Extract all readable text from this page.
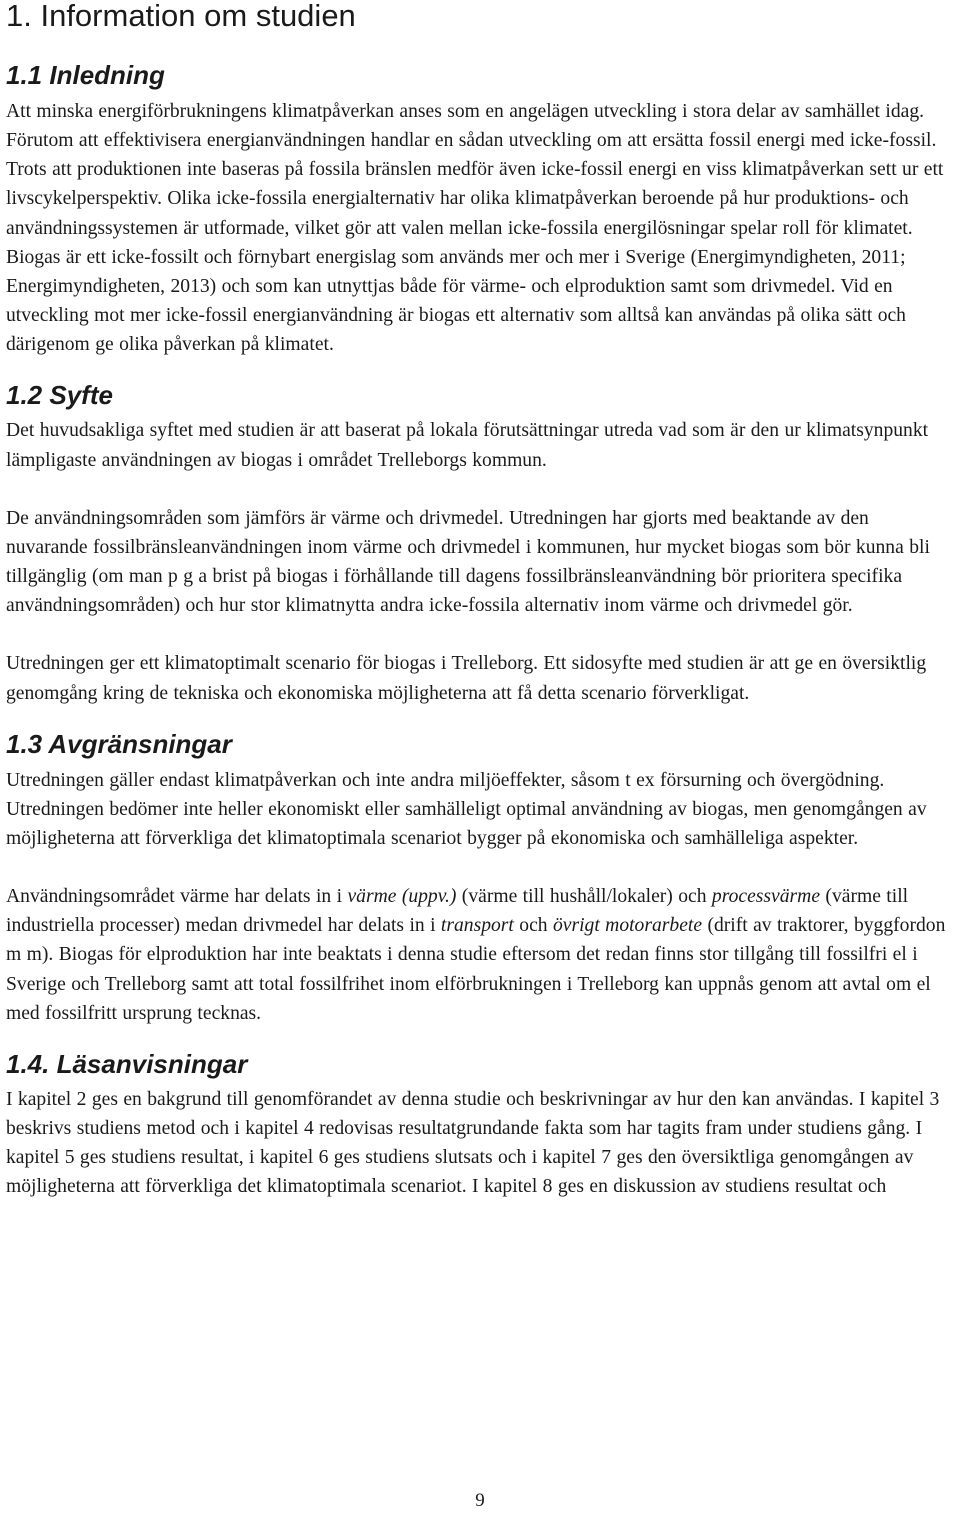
1. Information om studien
1.1 Inledning

Att minska energiförbrukningens klimatpåverkan anses som en angelägen utveckling i stora delar av samhället idag. Förutom att effektivisera energianvändningen handlar en sådan utveckling om att ersätta fossil energi med icke-fossil. Trots att produktionen inte baseras på fossila bränslen medför även icke-fossil energi en viss klimatpåverkan sett ur ett livscykelperspektiv. Olika icke-fossila energialternativ har olika klimatpåverkan beroende på hur produktions- och användningssystemen är utformade, vilket gör att valen mellan icke-fossila energilösningar spelar roll för klimatet. Biogas är ett icke-fossilt och förnybart energislag som används mer och mer i Sverige (Energimyndigheten, 2011; Energimyndigheten, 2013) och som kan utnyttjas både för värme- och elproduktion samt som drivmedel. Vid en utveckling mot mer icke-fossil energianvändning är biogas ett alternativ som alltså kan användas på olika sätt och därigenom ge olika påverkan på klimatet.

1.2 Syfte

Det huvudsakliga syftet med studien är att baserat på lokala förutsättningar utreda vad som är den ur klimatsynpunkt lämpligaste användningen av biogas i området Trelleborgs kommun.

De användningsområden som jämförs är värme och drivmedel. Utredningen har gjorts med beaktande av den nuvarande fossilbränsleanvändningen inom värme och drivmedel i kommunen, hur mycket biogas som bör kunna bli tillgänglig (om man p g a brist på biogas i förhållande till dagens fossilbränsleanvändning bör prioritera specifika användningsområden) och hur stor klimatnytta andra icke-fossila alternativ inom värme och drivmedel gör.

Utredningen ger ett klimatoptimalt scenario för biogas i Trelleborg. Ett sidosyfte med studien är att ge en översiktlig genomgång kring de tekniska och ekonomiska möjligheterna att få detta scenario förverkligat.

1.3 Avgränsningar

Utredningen gäller endast klimatpåverkan och inte andra miljöeffekter, såsom t ex försurning och övergödning. Utredningen bedömer inte heller ekonomiskt eller samhälleligt optimal användning av biogas, men genomgången av möjligheterna att förverkliga det klimatoptimala scenariot bygger på ekonomiska och samhälleliga aspekter.

Användningsområdet värme har delats in i värme (uppv.) (värme till hushåll/lokaler) och processvärme (värme till industriella processer) medan drivmedel har delats in i transport och övrigt motorarbete (drift av traktorer, byggfordon m m). Biogas för elproduktion har inte beaktats i denna studie eftersom det redan finns stor tillgång till fossilfri el i Sverige och Trelleborg samt att total fossilfrihet inom elförbrukningen i Trelleborg kan uppnås genom att avtal om el med fossilfritt ursprung tecknas.

1.4. Läsanvisningar

I kapitel 2 ges en bakgrund till genomförandet av denna studie och beskrivningar av hur den kan användas. I kapitel 3 beskrivs studiens metod och i kapitel 4 redovisas resultatgrundande fakta som har tagits fram under studiens gång. I kapitel 5 ges studiens resultat, i kapitel 6 ges studiens slutsats och i kapitel 7 ges den översiktliga genomgången av möjligheterna att förverkliga det klimatoptimala scenariot. I kapitel 8 ges en diskussion av studiens resultat och

9
